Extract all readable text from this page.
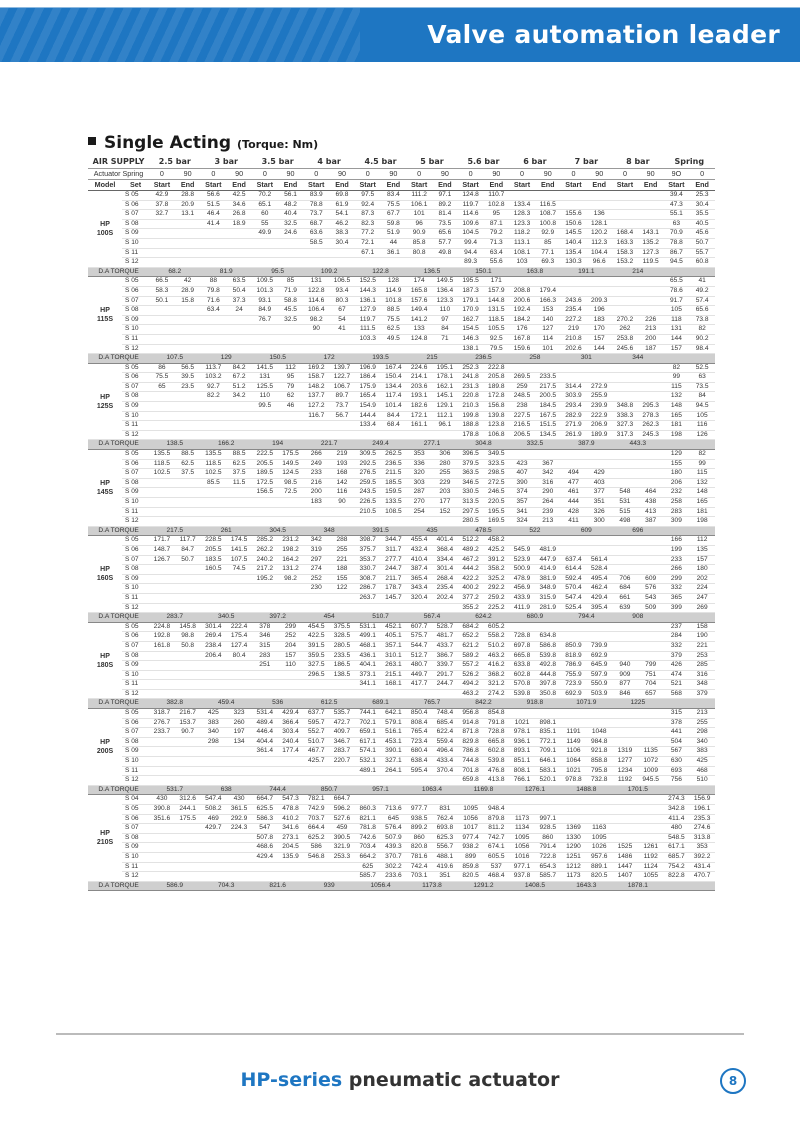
Valve automation leader
Single Acting (Torque: Nm)
AIR SUPPLY		2.5 bar		3 bar		3.5 bar		4 bar		4.5 bar		5 bar		5.6 bar		6 bar		7 bar		8 bar		Spring	
Actuator Spring		0	90	0	90	0	90	0	90	0	90	0	90	0	90	0	90	0	90	0	90	9O	0
Model	Set	Start	End	Start	End	Start	End	Start	End	Start	End	Start	End	Start	End	Start	End	Start	End	Start	End	Start	End
HP
100S	S 05	42.9	28.8	56.6	42.5	70.2	56.1	83.9	69.8	97.5	83.4	111.2	97.1	124.8	110.7							39.4	25.3
	S 06	37.8	20.9	51.5	34.6	65.1	48.2	78.8	61.9	92.4	75.5	106.1	89.2	119.7	102.8	133.4	116.5					47.3	30.4
	S 07	32.7	13.1	46.4	26.8	60	40.4	73.7	54.1	87.3	67.7	101	81.4	114.6	95	128.3	108.7	155.6	136			55.1	35.5
	S 08			41.4	18.9	55	32.5	68.7	46.2	82.3	59.8	96	73.5	109.6	87.1	123.3	100.8	150.6	128.1			63	40.5
	S 09					49.9	24.6	63.6	38.3	77.2	51.9	90.9	65.6	104.5	79.2	118.2	92.9	145.5	120.2	168.4	143.1	70.9	45.6
	S 10							58.5	30.4	72.1	44	85.8	57.7	99.4	71.3	113.1	85	140.4	112.3	163.3	135.2	78.8	50.7
	S 11									67.1	36.1	80.8	49.8	94.4	63.4	108.1	77.1	135.4	104.4	158.3	127.3	86.7	55.7
	S 12													89.3	55.6	103	69.3	130.3	96.6	153.2	119.5	94.5	60.8
D.A TORQUE		68.2		81.9		95.5		109.2		122.8		136.5		150.1		163.8		191.1		214			
HP
115S	S 05	66.5	42	88	63.5	109.5	85	131	106.5	152.5	128	174	149.5	195.5	171							65.5	41
	S 06	58.3	28.9	79.8	50.4	101.3	71.9	122.8	93.4	144.3	114.9	165.8	136.4	187.3	157.9	208.8	179.4					78.6	49.2
	S 07	50.1	15.8	71.6	37.3	93.1	58.8	114.6	80.3	136.1	101.8	157.6	123.3	179.1	144.8	200.6	166.3	243.6	209.3			91.7	57.4
	S 08			63.4	24	84.9	45.5	106.4	67	127.9	88.5	149.4	110	170.9	131.5	192.4	153	235.4	196			105	65.6
	S 09					76.7	32.5	98.2	54	119.7	75.5	141.2	97	162.7	118.5	184.2	140	227.2	183	270.2	226	118	73.8
	S 10							90	41	111.5	62.5	133	84	154.5	105.5	176	127	219	170	262	213	131	82
	S 11									103.3	49.5	124.8	71	146.3	92.5	167.8	114	210.8	157	253.8	200	144	90.2
	S 12													138.1	79.5	159.6	101	202.6	144	245.6	187	157	98.4
D.A TORQUE		107.5		129		150.5		172		193.5		215		236.5		258		301		344			
HP
125S	S 05	86	56.5	113.7	84.2	141.5	112	169.2	139.7	196.9	167.4	224.6	195.1	252.3	222.8							82	52.5
	S 06	75.5	39.5	103.2	67.2	131	95	158.7	122.7	186.4	150.4	214.1	178.1	241.8	205.8	269.5	233.5					99	63
	S 07	65	23.5	92.7	51.2	125.5	79	148.2	106.7	175.9	134.4	203.6	162.1	231.3	189.8	259	217.5	314.4	272.9			115	73.5
	S 08			82.2	34.2	110	62	137.7	89.7	165.4	117.4	193.1	145.1	220.8	172.8	248.5	200.5	303.9	255.9			132	84
	S 09					99.5	46	127.2	73.7	154.9	101.4	182.6	129.1	210.3	156.8	238	184.5	293.4	239.9	348.8	295.3	148	94.5
	S 10							116.7	56.7	144.4	84.4	172.1	112.1	199.8	139.8	227.5	167.5	282.9	222.9	338.3	278.3	165	105
	S 11									133.4	68.4	161.1	96.1	188.8	123.8	216.5	151.5	271.9	206.9	327.3	262.3	181	116
	S 12													178.8	106.8	206.5	134.5	261.9	189.9	317.3	245.3	198	126
D.A TORQUE		138.5		166.2		194		221.7		249.4		277.1		304.8		332.5		387.9		443.3			
HP
145S	S 05	135.5	88.5	135.5	88.5	222.5	175.5	266	219	309.5	262.5	353	306	396.5	349.5							129	82
	S 06	118.5	62.5	118.5	62.5	205.5	149.5	249	193	292.5	236.5	336	280	379.5	323.5	423	367					155	99
	S 07	102.5	37.5	102.5	37.5	189.5	124.5	233	168	276.5	211.5	320	255	363.5	298.5	407	342	494	429			180	115
	S 08			85.5	11.5	172.5	98.5	216	142	259.5	185.5	303	229	346.5	272.5	390	316	477	403			206	132
	S 09					156.5	72.5	200	116	243.5	159.5	287	203	330.5	246.5	374	290	461	377	548	464	232	148
	S 10							183	90	226.5	133.5	270	177	313.5	220.5	357	264	444	351	531	438	258	165
	S 11									210.5	108.5	254	152	297.5	195.5	341	239	428	326	515	413	283	181
	S 12													280.5	169.5	324	213	411	300	498	387	309	198
D.A TORQUE		217.5		261		304.5		348		391.5		435		478.5		522		609		696			
HP
160S	S 05	171.7	117.7	228.5	174.5	285.2	231.2	342	288	398.7	344.7	455.4	401.4	512.2	458.2							166	112
	S 06	148.7	84.7	205.5	141.5	262.2	198.2	319	255	375.7	311.7	432.4	368.4	489.2	425.2	545.9	481.9					199	135
	S 07	126.7	50.7	183.5	107.5	240.2	164.2	297	221	353.7	277.7	410.4	334.4	467.2	391.2	523.9	447.9	637.4	561.4			233	157
	S 08			160.5	74.5	217.2	131.2	274	188	330.7	244.7	387.4	301.4	444.2	358.2	500.9	414.9	614.4	528.4			266	180
	S 09					195.2	98.2	252	155	308.7	211.7	365.4	268.4	422.2	325.2	478.9	381.9	592.4	495.4	706	609	299	202
	S 10							230	122	286.7	178.7	343.4	235.4	400.2	292.2	456.9	348.9	570.4	462.4	684	576	332	224
	S 11									263.7	145.7	320.4	202.4	377.2	259.2	433.9	315.9	547.4	429.4	661	543	365	247
	S 12													355.2	225.2	411.9	281.9	525.4	395.4	639	509	399	269
D.A TORQUE		283.7		340.5		397.2		454		510.7		567.4		624.2		680.9		794.4		908			
HP
180S	S 05	224.8	145.8	301.4	222.4	378	299	454.5	375.5	531.1	452.1	607.7	528.7	684.2	605.2							237	158
	S 06	192.8	98.8	269.4	175.4	346	252	422.5	328.5	499.1	405.1	575.7	481.7	652.2	558.2	728.8	634.8					284	190
	S 07	161.8	50.8	238.4	127.4	315	204	391.5	280.5	468.1	357.1	544.7	433.7	621.2	510.2	697.8	586.8	850.9	739.9			332	221
	S 08			206.4	80.4	283	157	359.5	233.5	436.1	310.1	512.7	386.7	589.2	463.2	665.8	539.8	818.9	692.9			379	253
	S 09					251	110	327.5	186.5	404.1	263.1	480.7	339.7	557.2	416.2	633.8	492.8	786.9	645.9	940	799	426	285
	S 10							296.5	138.5	373.1	215.1	449.7	291.7	526.2	368.2	602.8	444.8	755.9	597.9	909	751	474	316
	S 11									341.1	168.1	417.7	244.7	494.2	321.2	570.8	397.8	723.9	550.9	877	704	521	348
	S 12													463.2	274.2	539.8	350.8	692.9	503.9	846	657	568	379
D.A TORQUE		382.8		459.4		536		612.5		689.1		765.7		842.2		918.8		1071.9		1225			
HP
200S	S 05	318.7	216.7	425	323	531.4	429.4	637.7	535.7	744.1	642.1	850.4	748.4	956.8	854.8							315	213
	S 06	276.7	153.7	383	260	489.4	366.4	595.7	472.7	702.1	579.1	808.4	685.4	914.8	791.8	1021	898.1					378	255
	S 07	233.7	90.7	340	197	446.4	303.4	552.7	409.7	659.1	516.1	765.4	622.4	871.8	728.8	978.1	835.1	1191	1048			441	298
	S 08			298	134	404.4	240.4	510.7	346.7	617.1	453.1	723.4	559.4	829.8	665.8	936.1	772.1	1149	984.8			504	340
	S 09					361.4	177.4	467.7	283.7	574.1	390.1	680.4	496.4	786.8	602.8	893.1	709.1	1106	921.8	1319	1135	567	383
	S 10							425.7	220.7	532.1	327.1	638.4	433.4	744.8	539.8	851.1	646.1	1064	858.8	1277	1072	630	425
	S 11									489.1	264.1	595.4	370.4	701.8	476.8	808.1	583.1	1021	795.8	1234	1009	693	468
	S 12													659.8	413.8	766.1	520.1	978.8	732.8	1192	945.5	756	510
D.A TORQUE		531.7		638		744.4		850.7		957.1		1063.4		1169.8		1276.1		1488.8		1701.5			
HP
210S	S 04	430	312.6	547.4	430	664.7	547.3	782.1	664.7													274.3	156.9
	S 05	390.8	244.1	508.2	361.5	625.5	478.8	742.9	596.2	860.3	713.6	977.7	831	1095	948.4							342.8	196.1
	S 06	351.6	175.5	469	292.9	586.3	410.2	703.7	527.6	821.1	645	938.5	762.4	1056	879.8	1173	997.1					411.4	235.3
	S 07			429.7	224.3	547	341.6	664.4	459	781.8	576.4	899.2	693.8	1017	811.2	1134	928.5	1369	1163			480	274.6
	S 08					507.8	273.1	625.2	390.5	742.6	507.9	860	625.3	977.4	742.7	1095	860	1330	1095			548.5	313.8
	S 09					468.6	204.5	586	321.9	703.4	439.3	820.8	556.7	938.2	674.1	1056	791.4	1290	1026	1525	1261	617.1	353
	S 10					429.4	135.9	546.8	253.3	664.2	370.7	781.6	488.1	899	605.5	1016	722.8	1251	957.6	1486	1192	685.7	392.2
	S 11									625	302.2	742.4	419.6	859.8	537	977.1	654.3	1212	889.1	1447	1124	754.2	431.4
	S 12									585.7	233.6	703.1	351	820.5	468.4	937.8	585.7	1173	820.5	1407	1055	822.8	470.7
D.A TORQUE		586.9		704.3		821.6		939		1056.4		1173.8		1291.2		1408.5		1643.3		1878.1			
HP-series pneumatic actuator	8
